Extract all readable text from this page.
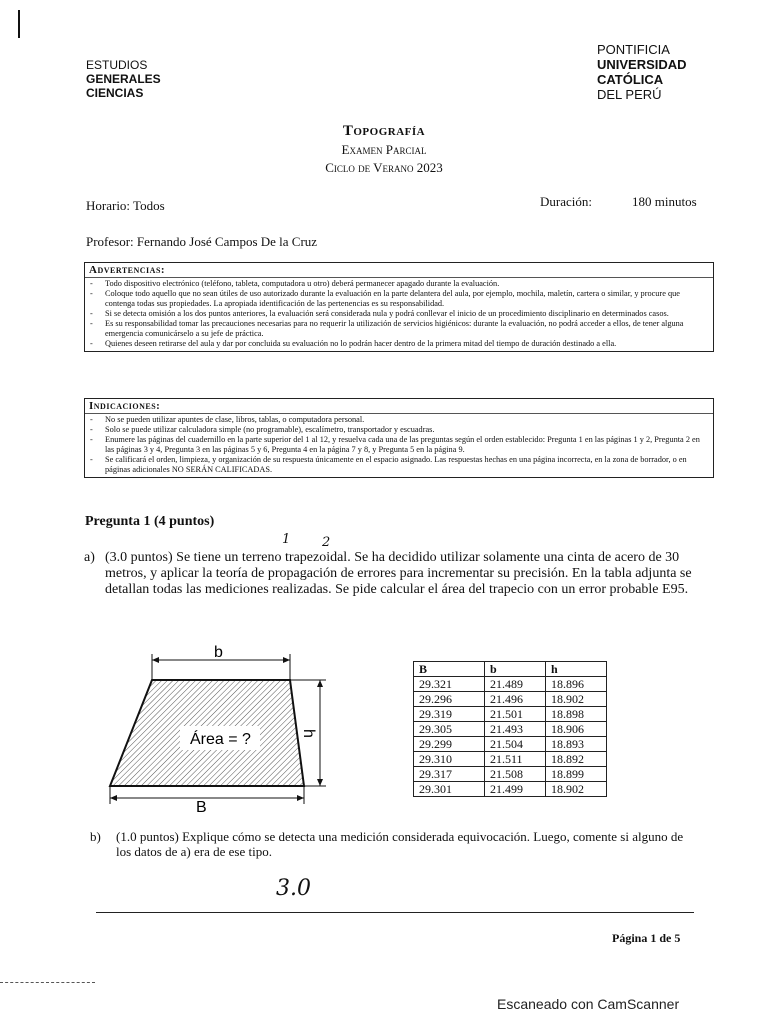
ESTUDIOS
GENERALES
CIENCIAS
PONTIFICIA
UNIVERSIDAD
CATÓLICA
DEL PERÚ
Topografía
Examen Parcial
Ciclo de Verano 2023
Horario: Todos	Duración:	180 minutos
Profesor: Fernando José Campos De la Cruz
Advertencias:
- Todo dispositivo electrónico (teléfono, tableta, computadora u otro) deberá permanecer apagado durante la evaluación.
- Coloque todo aquello que no sean útiles de uso autorizado durante la evaluación en la parte delantera del aula, por ejemplo, mochila, maletín, cartera o similar, y procure que contenga todas sus propiedades. La apropiada identificación de las pertenencias es su responsabilidad.
- Si se detecta omisión a los dos puntos anteriores, la evaluación será considerada nula y podrá conllevar el inicio de un procedimiento disciplinario en determinados casos.
- Es su responsabilidad tomar las precauciones necesarias para no requerir la utilización de servicios higiénicos: durante la evaluación, no podrá acceder a ellos, de tener alguna emergencia comunicárselo a su jefe de práctica.
- Quienes deseen retirarse del aula y dar por concluida su evaluación no lo podrán hacer dentro de la primera mitad del tiempo de duración destinado a ella.
Indicaciones:
- No se pueden utilizar apuntes de clase, libros, tablas, o computadora personal.
- Solo se puede utilizar calculadora simple (no programable), escalímetro, transportador y escuadras.
- Enumere las páginas del cuadernillo en la parte superior del 1 al 12, y resuelva cada una de las preguntas según el orden establecido: Pregunta 1 en las páginas 1 y 2, Pregunta 2 en las páginas 3 y 4, Pregunta 3 en las páginas 5 y 6, Pregunta 4 en la página 7 y 8, y Pregunta 5 en la página 9.
- Se calificará el orden, limpieza, y organización de su respuesta únicamente en el espacio asignado. Las respuestas hechas en una página incorrecta, en la zona de borrador, o en páginas adicionales NO SERÁN CALIFICADAS.
Pregunta 1 (4 puntos)
1 2
a) (3.0 puntos) Se tiene un terreno trapezoidal. Se ha decidido utilizar solamente una cinta de acero de 30 metros, y aplicar la teoría de propagación de errores para incrementar su precisión. En la tabla adjunta se detallan todas las mediciones realizadas. Se pide calcular el área del trapecio con un error probable E95.
Área = ?
b
h
B
B	b	h
29.321	21.489	18.896
29.296	21.496	18.902
29.319	21.501	18.898
29.305	21.493	18.906
29.299	21.504	18.893
29.310	21.511	18.892
29.317	21.508	18.899
29.301	21.499	18.902
b) (1.0 puntos) Explique cómo se detecta una medición considerada equivocación. Luego, comente si alguno de los datos de a) era de ese tipo.
3.0
Página 1 de 5
Escaneado con CamScanner
